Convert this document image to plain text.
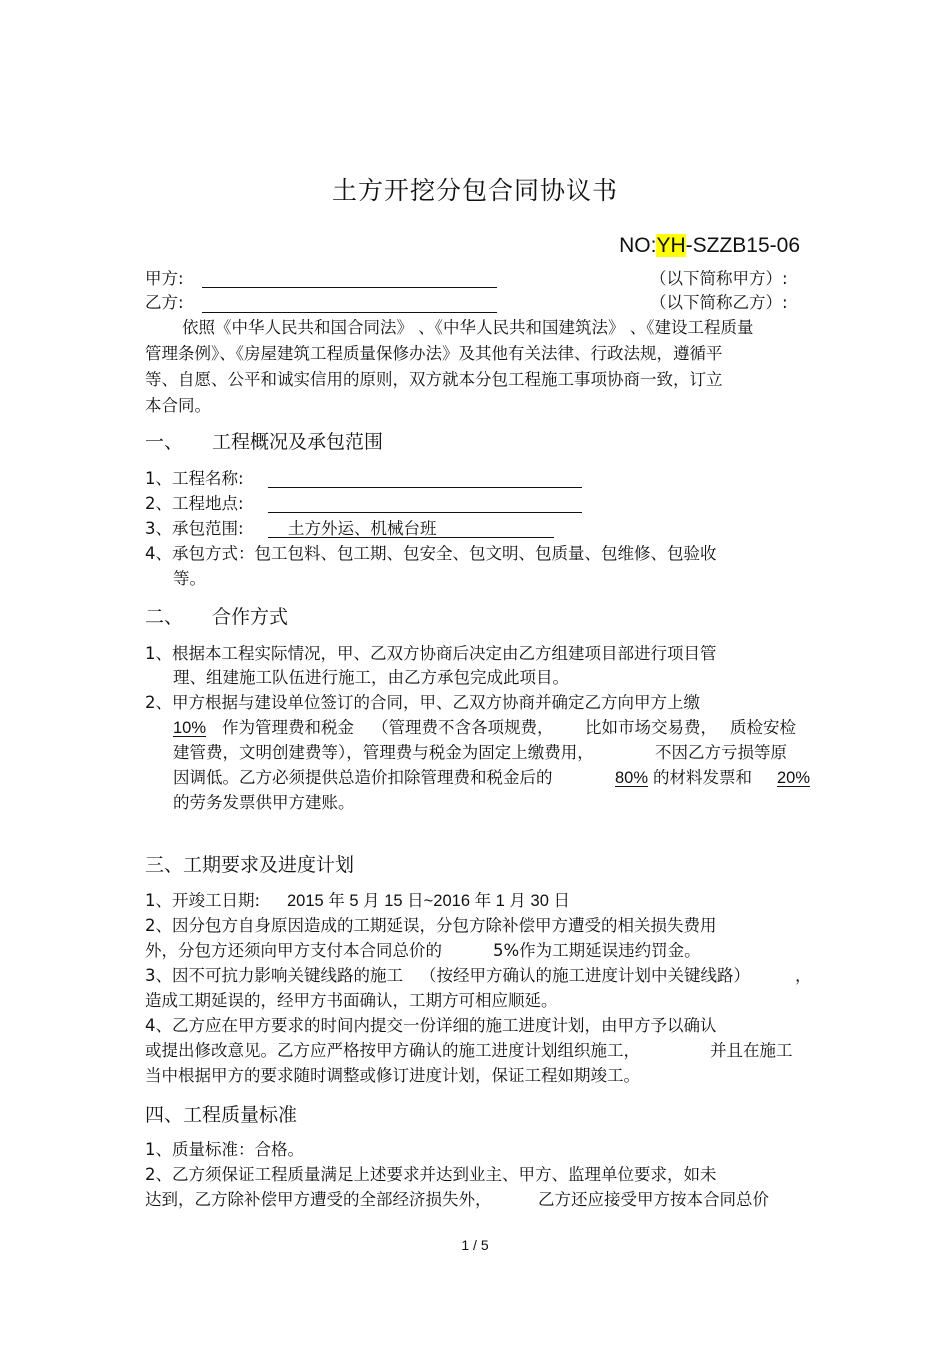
土方开挖分包合同协议书
NO:YH-SZZB15-06
甲方:	（以下简称甲方）:
乙方:	（以下简称乙方）:
依照《中华人民共和国合同法》 、《中华人民共和国建筑法》 、《建设工程质量
管理条例》、《房屋建筑工程质量保修办法》及其他有关法律、行政法规，遵循平
等、自愿、公平和诚实信用的原则，双方就本分包工程施工事项协商一致，订立
本合同。
一、 工程概况及承包范围
1、工程名称:
2、工程地点:
3、承包范围:	土方外运、机械台班
4、承包方式：包工包料、包工期、包安全、包文明、包质量、包维修、包验收
等。
二、 合作方式
1、根据本工程实际情况，甲、乙双方协商后决定由乙方组建项目部进行项目管
理、组建施工队伍进行施工，由乙方承包完成此项目。
2、甲方根据与建设单位签订的合同，甲、乙双方协商并确定乙方向甲方上缴
10% 作为管理费和税金 （管理费不含各项规费， 比如市场交易费， 质检安检
建管费，文明创建费等），管理费与税金为固定上缴费用，	不因乙方亏损等原
因调低。乙方必须提供总造价扣除管理费和税金后的	80% 的材料发票和 20%
的劳务发票供甲方建账。
三、工期要求及进度计划
1、开竣工日期: 2015 年 5 月 15 日~2016 年 1 月 30 日
2、因分包方自身原因造成的工期延误，分包方除补偿甲方遭受的相关损失费用
外，分包方还须向甲方支付本合同总价的	5%作为工期延误违约罚金。
3、因不可抗力影响关键线路的施工 （按经甲方确认的施工进度计划中关键线路）	，
造成工期延误的，经甲方书面确认，工期方可相应顺延。
4、乙方应在甲方要求的时间内提交一份详细的施工进度计划，由甲方予以确认
或提出修改意见。乙方应严格按甲方确认的施工进度计划组织施工，	并且在施工
当中根据甲方的要求随时调整或修订进度计划，保证工程如期竣工。
四、工程质量标准
1、质量标准：合格。
2、乙方须保证工程质量满足上述要求并达到业主、甲方、监理单位要求，如未
达到，乙方除补偿甲方遭受的全部经济损失外，	乙方还应接受甲方按本合同总价
1 / 5
